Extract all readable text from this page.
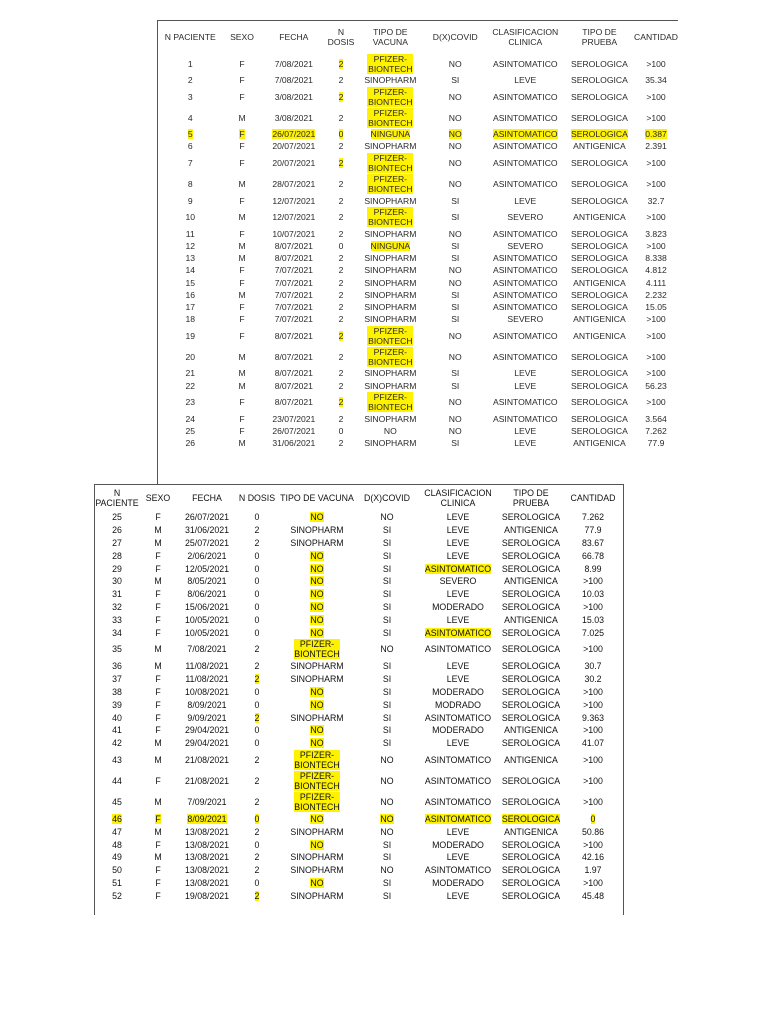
N PACIENTE	SEXO	FECHA	N DOSIS	TIPO DE VACUNA	D(X)COVID	CLASIFICACION CLINICA	TIPO DE PRUEBA	CANTIDAD
1	F	7/08/2021	2	PFIZER-BIONTECH	NO	ASINTOMATICO	SEROLOGICA	>100
2	F	7/08/2021	2	SINOPHARM	SI	LEVE	SEROLOGICA	35.34
3	F	3/08/2021	2	PFIZER-BIONTECH	NO	ASINTOMATICO	SEROLOGICA	>100
4	M	3/08/2021	2	PFIZER-BIONTECH	NO	ASINTOMATICO	SEROLOGICA	>100
5	F	26/07/2021	0	NINGUNA	NO	ASINTOMATICO	SEROLOGICA	0.387
6	F	20/07/2021	2	SINOPHARM	NO	ASINTOMATICO	ANTIGENICA	2.391
7	F	20/07/2021	2	PFIZER-BIONTECH	NO	ASINTOMATICO	SEROLOGICA	>100
8	M	28/07/2021	2	PFIZER-BIONTECH	NO	ASINTOMATICO	SEROLOGICA	>100
9	F	12/07/2021	2	SINOPHARM	SI	LEVE	SEROLOGICA	32.7
10	M	12/07/2021	2	PFIZER-BIONTECH	SI	SEVERO	ANTIGENICA	>100
11	F	10/07/2021	2	SINOPHARM	NO	ASINTOMATICO	SEROLOGICA	3.823
12	M	8/07/2021	0	NINGUNA	SI	SEVERO	SEROLOGICA	>100
13	M	8/07/2021	2	SINOPHARM	SI	ASINTOMATICO	SEROLOGICA	8.338
14	F	7/07/2021	2	SINOPHARM	NO	ASINTOMATICO	SEROLOGICA	4.812
15	F	7/07/2021	2	SINOPHARM	NO	ASINTOMATICO	ANTIGENICA	4.111
16	M	7/07/2021	2	SINOPHARM	SI	ASINTOMATICO	SEROLOGICA	2.232
17	F	7/07/2021	2	SINOPHARM	SI	ASINTOMATICO	SEROLOGICA	15.05
18	F	7/07/2021	2	SINOPHARM	SI	SEVERO	ANTIGENICA	>100
19	F	8/07/2021	2	PFIZER-BIONTECH	NO	ASINTOMATICO	ANTIGENICA	>100
20	M	8/07/2021	2	PFIZER-BIONTECH	NO	ASINTOMATICO	SEROLOGICA	>100
21	M	8/07/2021	2	SINOPHARM	SI	LEVE	SEROLOGICA	>100
22	M	8/07/2021	2	SINOPHARM	SI	LEVE	SEROLOGICA	56.23
23	F	8/07/2021	2	PFIZER-BIONTECH	NO	ASINTOMATICO	SEROLOGICA	>100
24	F	23/07/2021	2	SINOPHARM	NO	ASINTOMATICO	SEROLOGICA	3.564
25	F	26/07/2021	0	NO	NO	LEVE	SEROLOGICA	7.262
26	M	31/06/2021	2	SINOPHARM	SI	LEVE	ANTIGENICA	77.9
N PACIENTE	SEXO	FECHA	N DOSIS	TIPO DE VACUNA	D(X)COVID	CLASIFICACION CLINICA	TIPO DE PRUEBA	CANTIDAD
25	F	26/07/2021	0	NO	NO	LEVE	SEROLOGICA	7.262
26	M	31/06/2021	2	SINOPHARM	SI	LEVE	ANTIGENICA	77.9
27	M	25/07/2021	2	SINOPHARM	SI	LEVE	SEROLOGICA	83.67
28	F	2/06/2021	0	NO	SI	LEVE	SEROLOGICA	66.78
29	F	12/05/2021	0	NO	SI	ASINTOMATICO	SEROLOGICA	8.99
30	M	8/05/2021	0	NO	SI	SEVERO	ANTIGENICA	>100
31	F	8/06/2021	0	NO	SI	LEVE	SEROLOGICA	10.03
32	F	15/06/2021	0	NO	SI	MODERADO	SEROLOGICA	>100
33	F	10/05/2021	0	NO	SI	LEVE	ANTIGENICA	15.03
34	F	10/05/2021	0	NO	SI	ASINTOMATICO	SEROLOGICA	7.025
35	M	7/08/2021	2	PFIZER-BIONTECH	NO	ASINTOMATICO	SEROLOGICA	>100
36	M	11/08/2021	2	SINOPHARM	SI	LEVE	SEROLOGICA	30.7
37	F	11/08/2021	2	SINOPHARM	SI	LEVE	SEROLOGICA	30.2
38	F	10/08/2021	0	NO	SI	MODERADO	SEROLOGICA	>100
39	F	8/09/2021	0	NO	SI	MODRADO	SEROLOGICA	>100
40	F	9/09/2021	2	SINOPHARM	SI	ASINTOMATICO	SEROLOGICA	9.363
41	F	29/04/2021	0	NO	SI	MODERADO	ANTIGENICA	>100
42	M	29/04/2021	0	NO	SI	LEVE	SEROLOGICA	41.07
43	M	21/08/2021	2	PFIZER-BIONTECH	NO	ASINTOMATICO	ANTIGENICA	>100
44	F	21/08/2021	2	PFIZER-BIONTECH	NO	ASINTOMATICO	SEROLOGICA	>100
45	M	7/09/2021	2	PFIZER-BIONTECH	NO	ASINTOMATICO	SEROLOGICA	>100
46	F	8/09/2021	0	NO	NO	ASINTOMATICO	SEROLOGICA	0
47	M	13/08/2021	2	SINOPHARM	NO	LEVE	ANTIGENICA	50.86
48	F	13/08/2021	0	NO	SI	MODERADO	SEROLOGICA	>100
49	M	13/08/2021	2	SINOPHARM	SI	LEVE	SEROLOGICA	42.16
50	F	13/08/2021	2	SINOPHARM	NO	ASINTOMATICO	SEROLOGICA	1.97
51	F	13/08/2021	0	NO	SI	MODERADO	SEROLOGICA	>100
52	F	19/08/2021	2	SINOPHARM	SI	LEVE	SEROLOGICA	45.48
